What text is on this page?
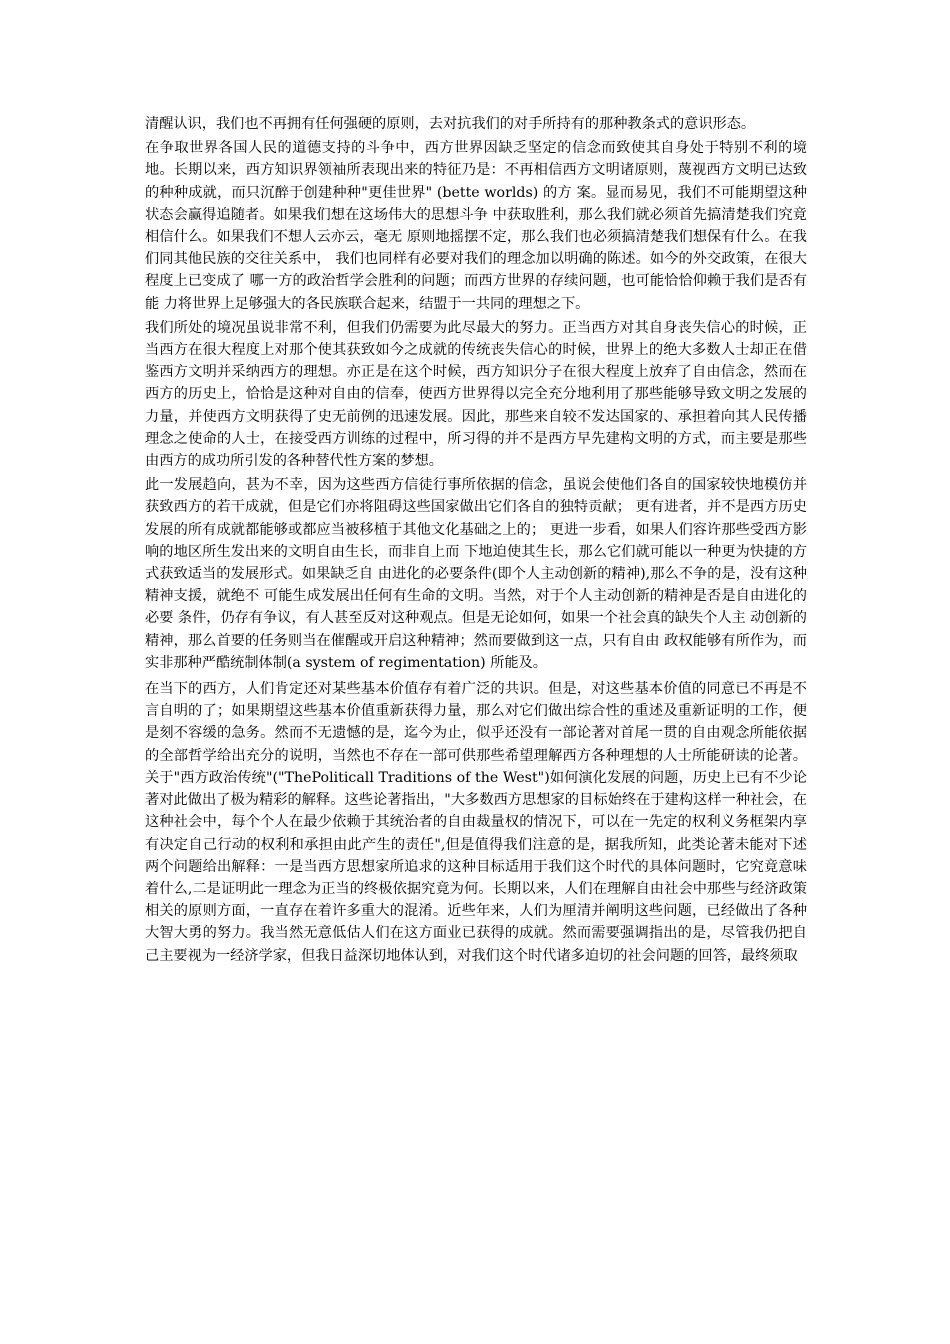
清醒认识，我们也不再拥有任何强硬的原则，去对抗我们的对手所持有的那种教条式的意识形态。

在争取世界各国人民的道德支持的斗争中，西方世界因缺乏坚定的信念而致使其自身处于特别不利的境地。长期以来，西方知识界领袖所表现出来的特征乃是：不再相信西方文明诸原则，蔑视西方文明已达致的种种成就，而只沉醉于创建种种"更佳世界" (bette worlds) 的方 案。显而易见，我们不可能期望这种状态会赢得追随者。如果我们想在这场伟大的思想斗争 中获取胜利，那么我们就必须首先搞清楚我们究竟相信什么。如果我们不想人云亦云，毫无 原则地摇摆不定，那么我们也必须搞清楚我们想保有什么。在我们同其他民族的交往关系中， 我们也同样有必要对我们的理念加以明确的陈述。如今的外交政策，在很大程度上已变成了 哪一方的政治哲学会胜利的问题；而西方世界的存续问题，也可能恰恰仰赖于我们是否有能 力将世界上足够强大的各民族联合起来，结盟于一共同的理想之下。

我们所处的境况虽说非常不利，但我们仍需要为此尽最大的努力。正当西方对其自身丧失信心的时候，正当西方在很大程度上对那个使其获致如今之成就的传统丧失信心的时候，世界上的绝大多数人士却正在借鉴西方文明并采纳西方的理想。亦正是在这个时候，西方知识分子在很大程度上放弃了自由信念，然而在西方的历史上，恰恰是这种对自由的信奉，使西方世界得以完全充分地利用了那些能够导致文明之发展的力量，并使西方文明获得了史无前例的迅速发展。因此，那些来自较不发达国家的、承担着向其人民传播理念之使命的人士，在接受西方训练的过程中，所习得的并不是西方早先建构文明的方式，而主要是那些由西方的成功所引发的各种替代性方案的梦想。

此一发展趋向，甚为不幸，因为这些西方信徒行事所依据的信念，虽说会使他们各自的国家较快地模仿并获致西方的若干成就，但是它们亦将阻碍这些国家做出它们各自的独特贡献； 更有进者，并不是西方历史发展的所有成就都能够或都应当被移植于其他文化基础之上的； 更进一步看，如果人们容许那些受西方影响的地区所生发出来的文明自由生长，而非自上而 下地迫使其生长，那么它们就可能以一种更为快捷的方式获致适当的发展形式。如果缺乏自 由进化的必要条件(即个人主动创新的精神),那么不争的是，没有这种精神支援，就绝不 可能生成发展出任何有生命的文明。当然，对于个人主动创新的精神是否是自由进化的必要 条件，仍存有争议，有人甚至反对这种观点。但是无论如何，如果一个社会真的缺失个人主 动创新的精神，那么首要的任务则当在催醒或开启这种精神；然而要做到这一点，只有自由 政权能够有所作为，而实非那种严酷统制体制(a system of regimentation) 所能及。

在当下的西方，人们肯定还对某些基本价值存有着广泛的共识。但是，对这些基本价值的同意已不再是不言自明的了；如果期望这些基本价值重新获得力量，那么对它们做出综合性的重述及重新证明的工作，便是刻不容缓的急务。然而不无遗憾的是，迄今为止，似乎还没有一部论著对首尾一贯的自由观念所能依据的全部哲学给出充分的说明，当然也不存在一部可供那些希望理解西方各种理想的人士所能研读的论著。关于"西方政治传统"("ThePoliticall Traditions of the West")如何演化发展的问题，历史上已有不少论著对此做出了极为精彩的解释。这些论著指出，"大多数西方思想家的目标始终在于建构这样一种社会，在这种社会中，每个个人在最少依赖于其统治者的自由裁量权的情况下，可以在一先定的权利义务框架内享有决定自己行动的权利和承担由此产生的责任",但是值得我们注意的是，据我所知，此类论著未能对下述两个问题给出解释：一是当西方思想家所追求的这种目标适用于我们这个时代的具体问题时，它究竟意味着什么,二是证明此一理念为正当的终极依据究竟为何。长期以来，人们在理解自由社会中那些与经济政策相关的原则方面，一直存在着许多重大的混淆。近些年来，人们为厘清并阐明这些问题，已经做出了各种大智大勇的努力。我当然无意低估人们在这方面业已获得的成就。然而需要强调指出的是，尽管我仍把自己主要视为一经济学家，但我日益深切地体认到，对我们这个时代诸多迫切的社会问题的回答，最终须取
